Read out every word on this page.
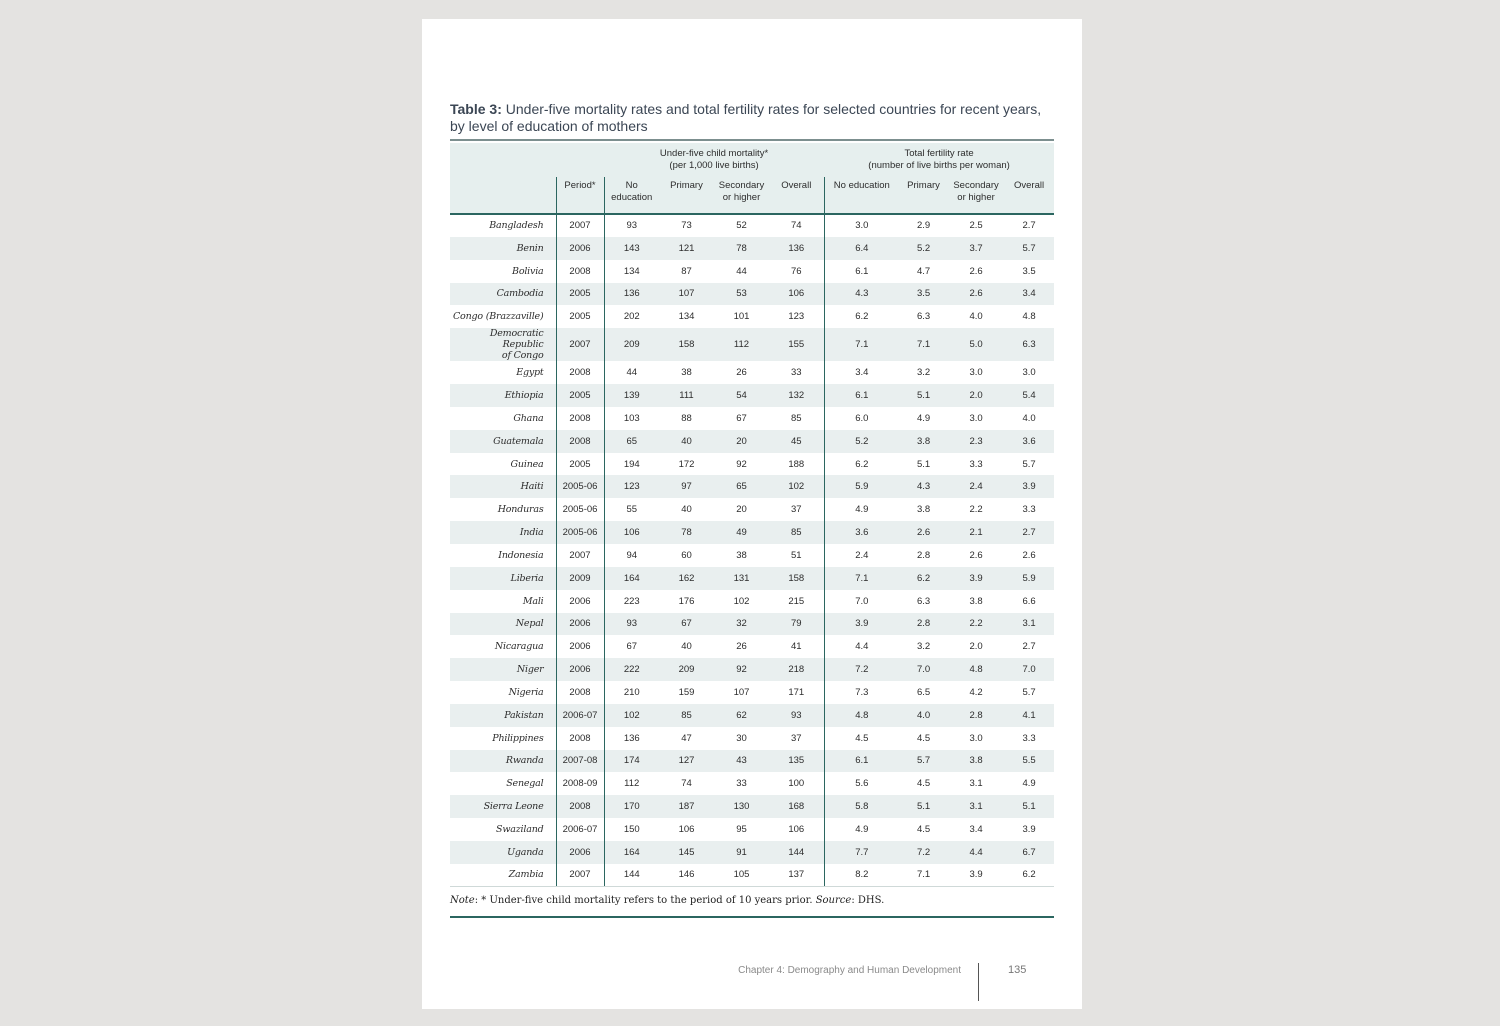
Table 3: Under-five mortality rates and total fertility rates for selected countries for recent years, by level of education of mothers
		Under-five child mortality*
(per 1,000 live births)				Total fertility rate
(number of live births per woman)			
	Period*	No
education	Primary	Secondary
or higher	Overall	No education	Primary	Secondary
or higher	Overall
Bangladesh	2007	93	73	52	74	3.0	2.9	2.5	2.7
Benin	2006	143	121	78	136	6.4	5.2	3.7	5.7
Bolivia	2008	134	87	44	76	6.1	4.7	2.6	3.5
Cambodia	2005	136	107	53	106	4.3	3.5	2.6	3.4
Congo (Brazzaville)	2005	202	134	101	123	6.2	6.3	4.0	4.8
Democratic Republic
of Congo	2007	209	158	112	155	7.1	7.1	5.0	6.3
Egypt	2008	44	38	26	33	3.4	3.2	3.0	3.0
Ethiopia	2005	139	111	54	132	6.1	5.1	2.0	5.4
Ghana	2008	103	88	67	85	6.0	4.9	3.0	4.0
Guatemala	2008	65	40	20	45	5.2	3.8	2.3	3.6
Guinea	2005	194	172	92	188	6.2	5.1	3.3	5.7
Haiti	2005-06	123	97	65	102	5.9	4.3	2.4	3.9
Honduras	2005-06	55	40	20	37	4.9	3.8	2.2	3.3
India	2005-06	106	78	49	85	3.6	2.6	2.1	2.7
Indonesia	2007	94	60	38	51	2.4	2.8	2.6	2.6
Liberia	2009	164	162	131	158	7.1	6.2	3.9	5.9
Mali	2006	223	176	102	215	7.0	6.3	3.8	6.6
Nepal	2006	93	67	32	79	3.9	2.8	2.2	3.1
Nicaragua	2006	67	40	26	41	4.4	3.2	2.0	2.7
Niger	2006	222	209	92	218	7.2	7.0	4.8	7.0
Nigeria	2008	210	159	107	171	7.3	6.5	4.2	5.7
Pakistan	2006-07	102	85	62	93	4.8	4.0	2.8	4.1
Philippines	2008	136	47	30	37	4.5	4.5	3.0	3.3
Rwanda	2007-08	174	127	43	135	6.1	5.7	3.8	5.5
Senegal	2008-09	112	74	33	100	5.6	4.5	3.1	4.9
Sierra Leone	2008	170	187	130	168	5.8	5.1	3.1	5.1
Swaziland	2006-07	150	106	95	106	4.9	4.5	3.4	3.9
Uganda	2006	164	145	91	144	7.7	7.2	4.4	6.7
Zambia	2007	144	146	105	137	8.2	7.1	3.9	6.2
Note: * Under-five child mortality refers to the period of 10 years prior. Source: DHS.
Chapter 4: Demography and Human Development	135
